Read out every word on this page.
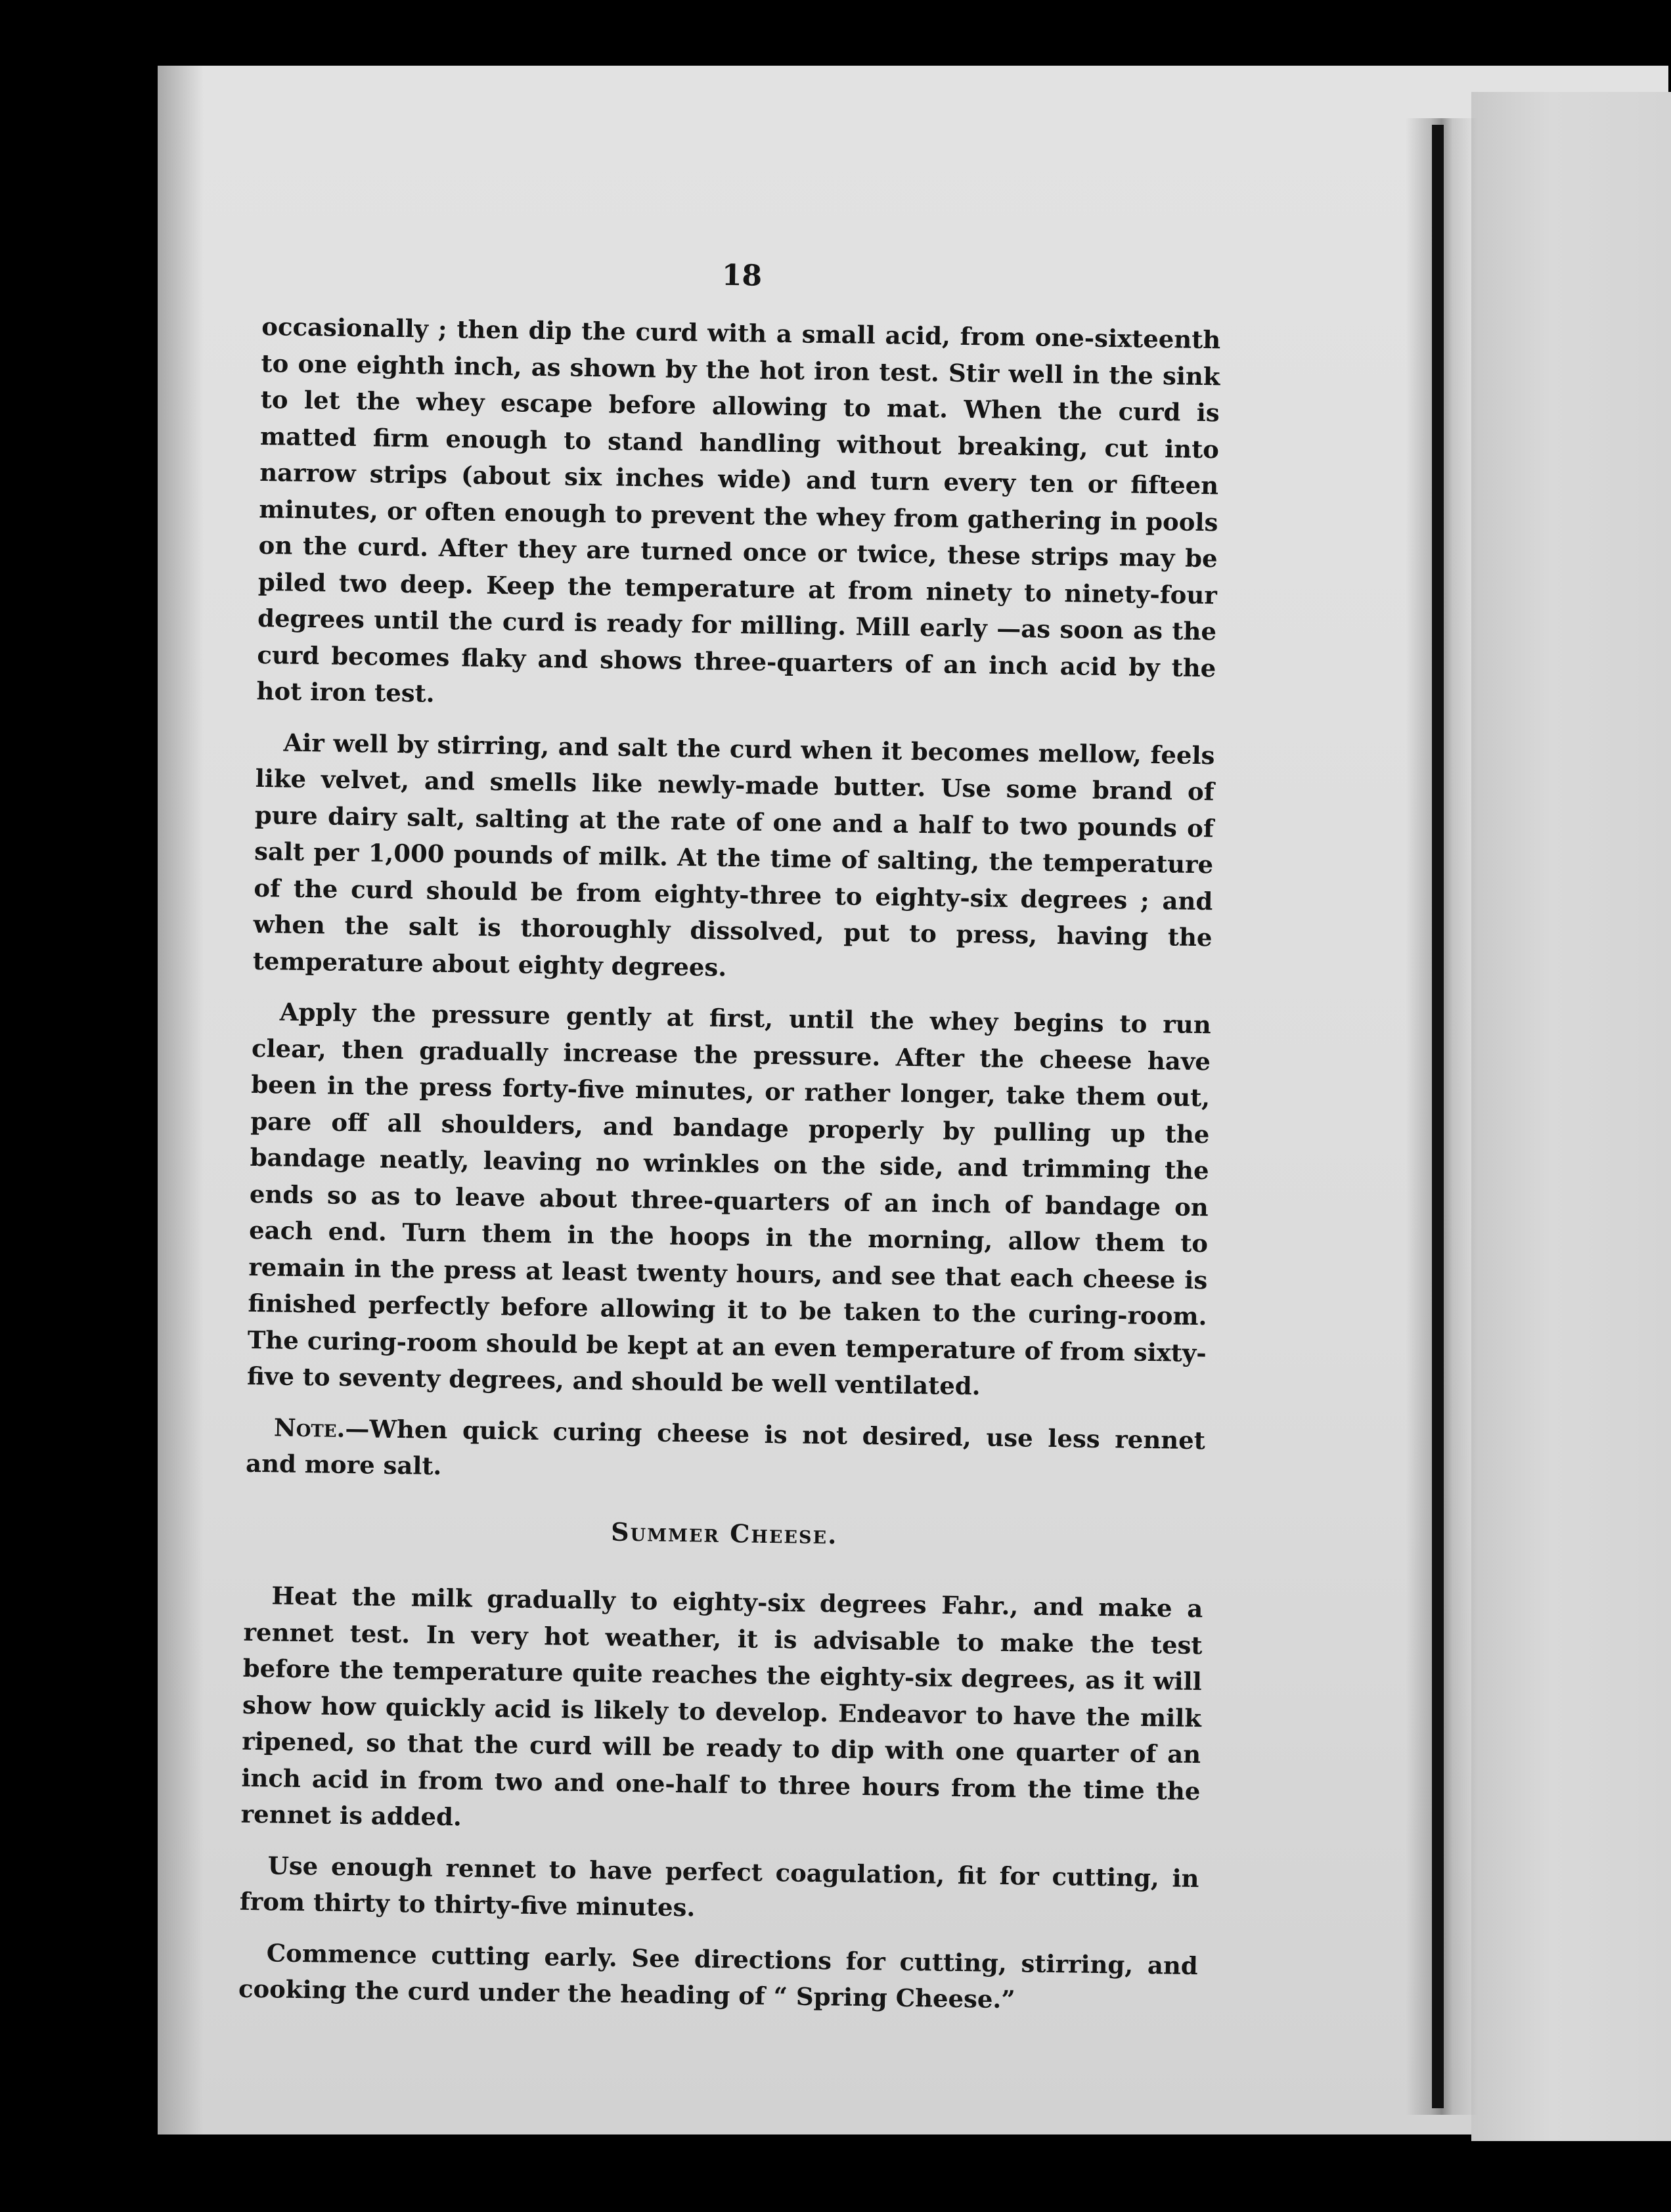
18

occasionally ; then dip the curd with a small acid, from one-sixteenth to one eighth inch, as shown by the hot iron test. Stir well in the sink to let the whey escape before allowing to mat. When the curd is matted firm enough to stand handling without breaking, cut into narrow strips (about six inches wide) and turn every ten or fifteen minutes, or often enough to prevent the whey from gathering in pools on the curd. After they are turned once or twice, these strips may be piled two deep. Keep the temperature at from ninety to ninety-four degrees until the curd is ready for milling. Mill early —as soon as the curd becomes flaky and shows three-quarters of an inch acid by the hot iron test.

Air well by stirring, and salt the curd when it becomes mellow, feels like velvet, and smells like newly-made butter. Use some brand of pure dairy salt, salting at the rate of one and a half to two pounds of salt per 1,000 pounds of milk. At the time of salting, the temperature of the curd should be from eighty-three to eighty-six degrees ; and when the salt is thoroughly dissolved, put to press, having the temperature about eighty degrees.

Apply the pressure gently at first, until the whey begins to run clear, then gradually increase the pressure. After the cheese have been in the press forty-five minutes, or rather longer, take them out, pare off all shoulders, and bandage properly by pulling up the bandage neatly, leaving no wrinkles on the side, and trimming the ends so as to leave about three-quarters of an inch of bandage on each end. Turn them in the hoops in the morning, allow them to remain in the press at least twenty hours, and see that each cheese is finished perfectly before allowing it to be taken to the curing-room. The curing-room should be kept at an even temperature of from sixty-five to seventy degrees, and should be well ventilated.

Note.—When quick curing cheese is not desired, use less rennet and more salt.

Summer Cheese.

Heat the milk gradually to eighty-six degrees Fahr., and make a rennet test. In very hot weather, it is advisable to make the test before the temperature quite reaches the eighty-six degrees, as it will show how quickly acid is likely to develop. Endeavor to have the milk ripened, so that the curd will be ready to dip with one quarter of an inch acid in from two and one-half to three hours from the time the rennet is added.

Use enough rennet to have perfect coagulation, fit for cutting, in from thirty to thirty-five minutes.

Commence cutting early. See directions for cutting, stirring, and cooking the curd under the heading of “ Spring Cheese.”
